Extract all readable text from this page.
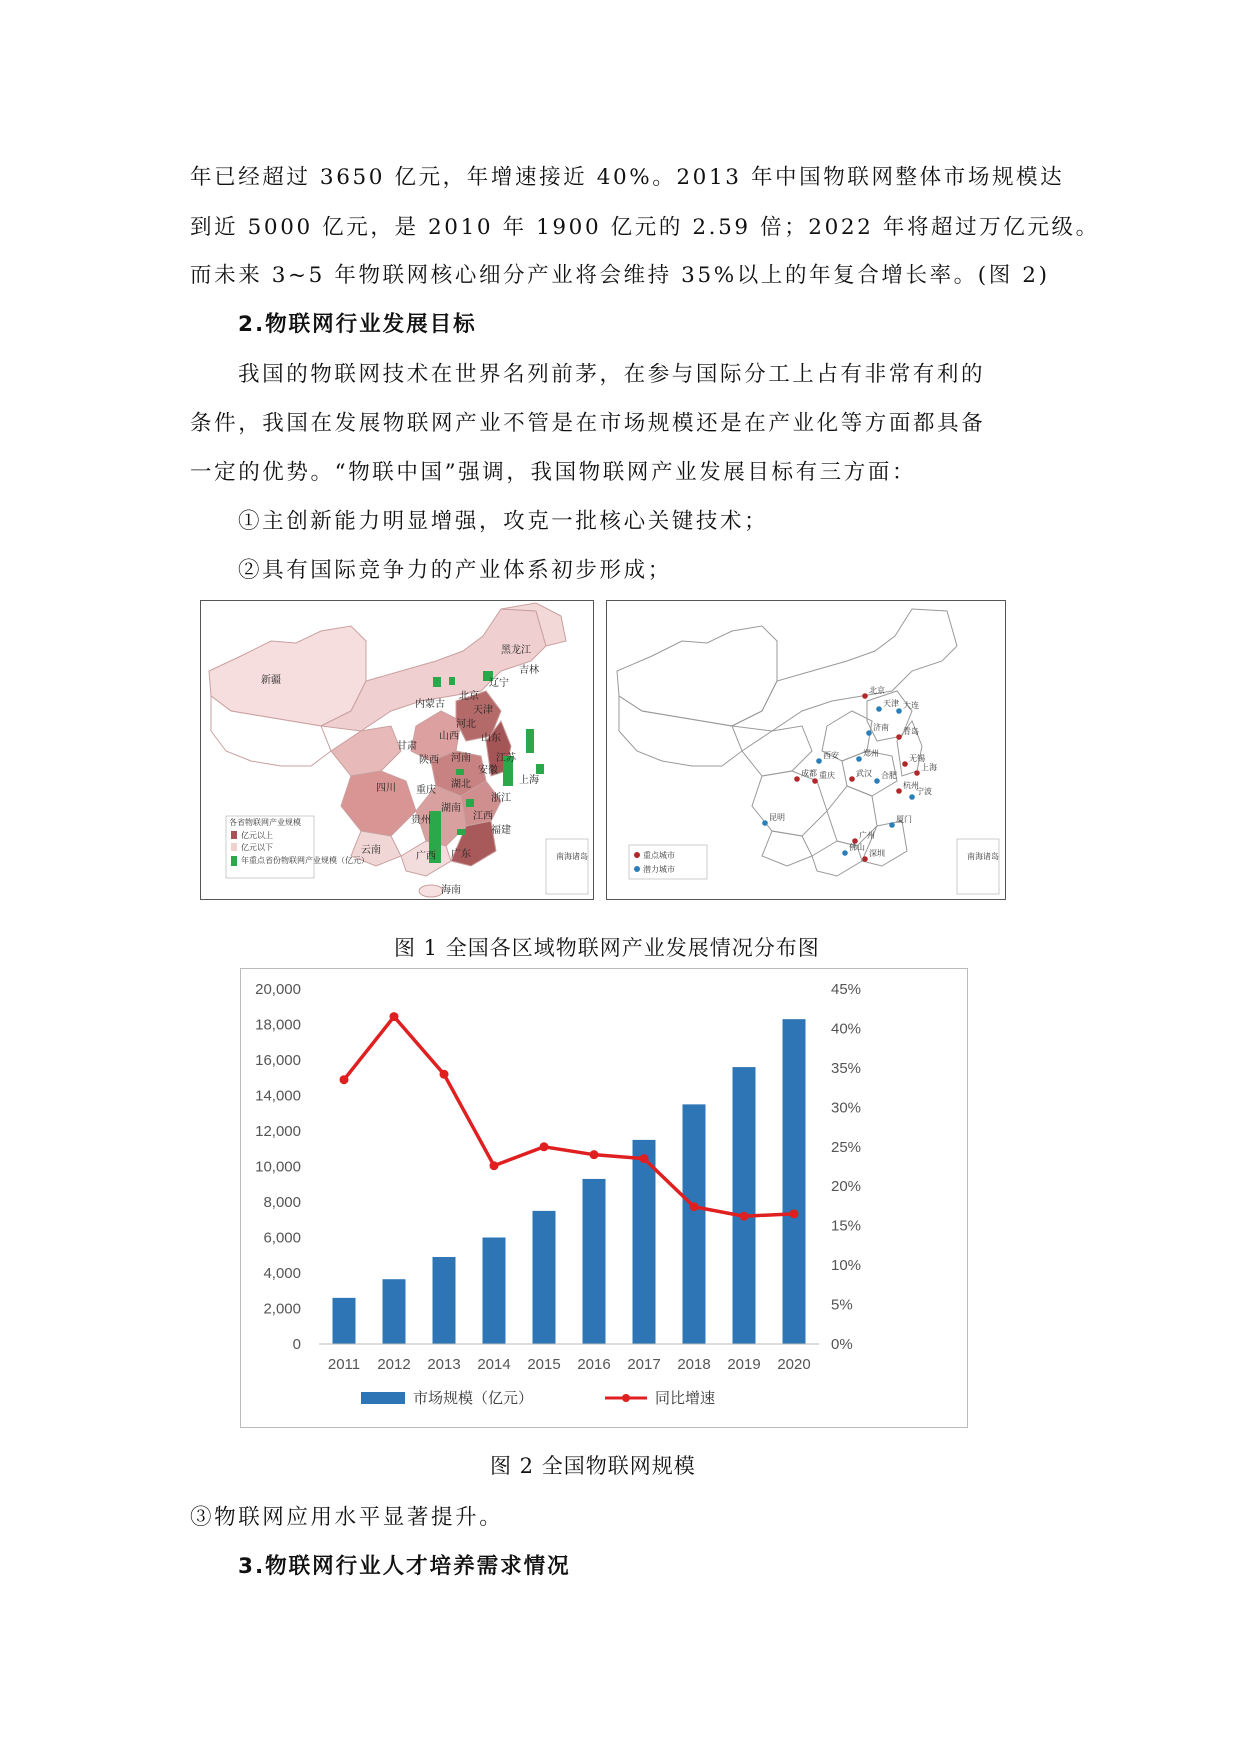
年已经超过 3650 亿元，年增速接近 40%。2013 年中国物联网整体市场规模达
到近 5000 亿元，是 2010 年 1900 亿元的 2.59 倍；2022 年将超过万亿元级。
而未来 3~5 年物联网核心细分产业将会维持 35%以上的年复合增长率。(图 2)
2.物联网行业发展目标
我国的物联网技术在世界名列前茅，在参与国际分工上占有非常有利的
条件，我国在发展物联网产业不管是在市场规模还是在产业化等方面都具备
一定的优势。“物联中国”强调，我国物联网产业发展目标有三方面：
①主创新能力明显增强，攻克一批核心关键技术；
②具有国际竞争力的产业体系初步形成；
黑龙江
吉林
辽宁
新疆
内蒙古
北京
天津
河北
山西
甘肃
陕西
山东
河南	江苏
安徽
上海
四川 重庆
湖北
浙江
湖南
江西
贵州
福建
云南
广西 广东
海南
各省物联网产业规模
亿元以上
亿元以下
年重点省份物联网产业规模（亿元）	南海诸岛
北京
天津 大连
济南 青岛
西安	郑州
无锡
成都 重庆	武汉 合肥
上海
杭州
宁波
昆明	厦门
广州
佛山
深圳
重点城市
潜力城市
南海诸岛
图 1 全国各区域物联网产业发展情况分布图
0
2,000
4,000
6,000
8,000
10,000
12,000
14,000
16,000
18,000
20,000
0%
5%
10%
15%
20%
25%
30%
35%
40%
45%
2011 2012 2013 2014 2015 2016 2017 2018 2019 2020
市场规模（亿元）	同比增速
图 2 全国物联网规模
③物联网应用水平显著提升。
3.物联网行业人才培养需求情况
